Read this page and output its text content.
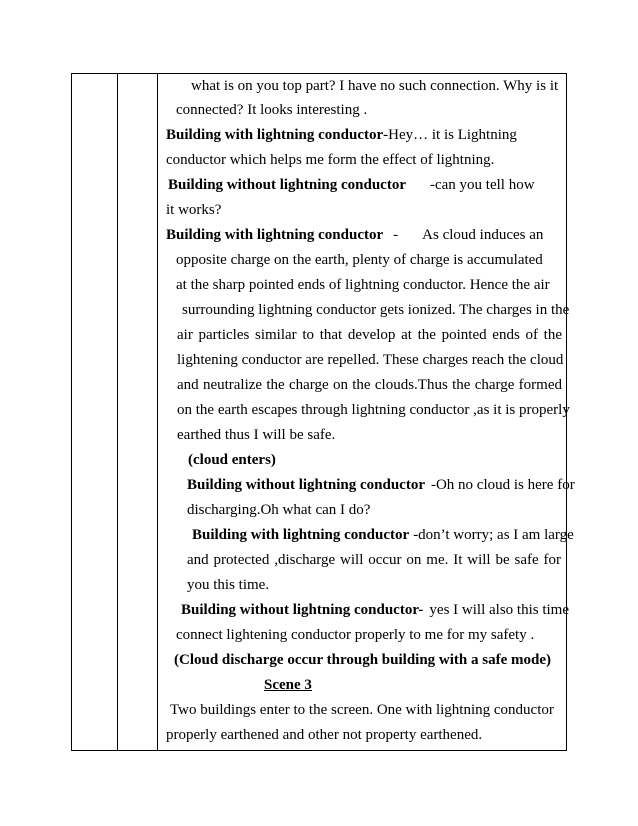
what is on you top part? I have no such connection. Why is it
connected? It looks interesting .
Building with lightning conductor-Hey… it is Lightning
conductor which helps me form the effect of lightning.
Building without lightning conductor -can you tell how
it works?
Building with lightning conductor - As cloud induces an
opposite charge on the earth, plenty of charge is accumulated
at the sharp pointed ends of lightning conductor. Hence the air
surrounding lightning conductor gets ionized. The charges in the
air particles similar to that develop at the pointed ends of the
lightening conductor are repelled. These charges reach the cloud
and neutralize the charge on the clouds.Thus the charge formed
on the earth escapes through lightning conductor ,as it is properly
earthed thus I will be safe.
(cloud enters)
Building without lightning conductor -Oh no cloud is here for
discharging.Oh what can I do?
Building with lightning conductor -don’t worry; as I am large
and protected ,discharge will occur on me. It will be safe for
you this time.
Building without lightning conductor- yes I will also this time
connect lightening conductor properly to me for my safety .
(Cloud discharge occur through building with a safe mode)
Scene 3
Two buildings enter to the screen. One with lightning conductor
properly earthened and other not property earthened.
